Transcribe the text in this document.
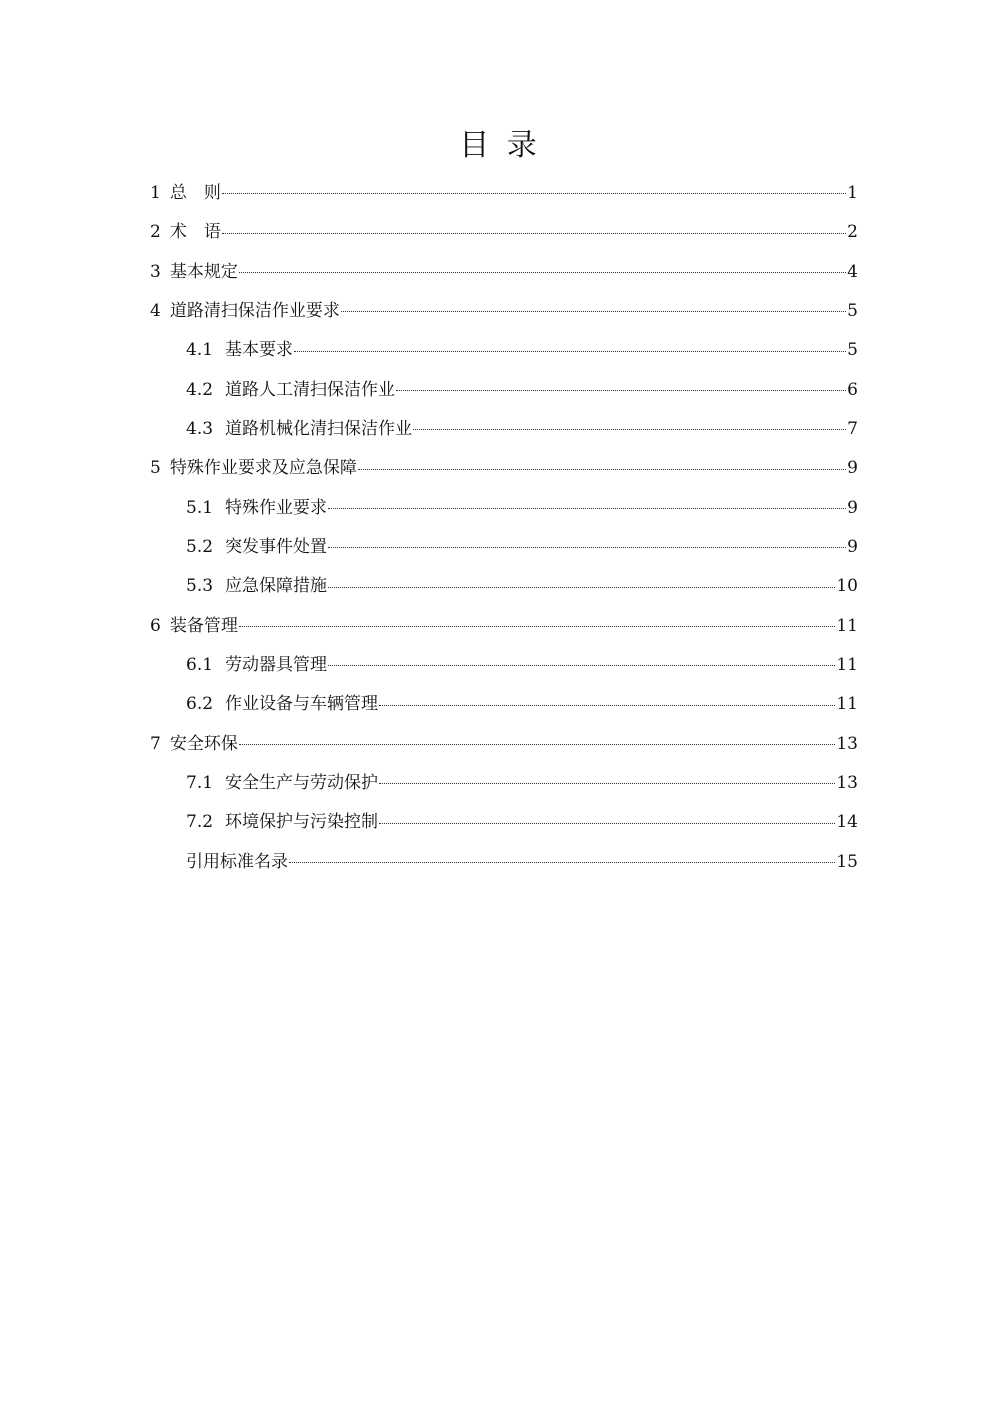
目 录
1 总　则	1
2 术　语	2
3 基本规定	4
4 道路清扫保洁作业要求	5
4.1 基本要求	5
4.2 道路人工清扫保洁作业	6
4.3 道路机械化清扫保洁作业	7
5 特殊作业要求及应急保障	9
5.1 特殊作业要求	9
5.2 突发事件处置	9
5.3 应急保障措施	10
6 装备管理	11
6.1 劳动器具管理	11
6.2 作业设备与车辆管理	11
7 安全环保	13
7.1 安全生产与劳动保护	13
7.2 环境保护与污染控制	14
引用标准名录	15
